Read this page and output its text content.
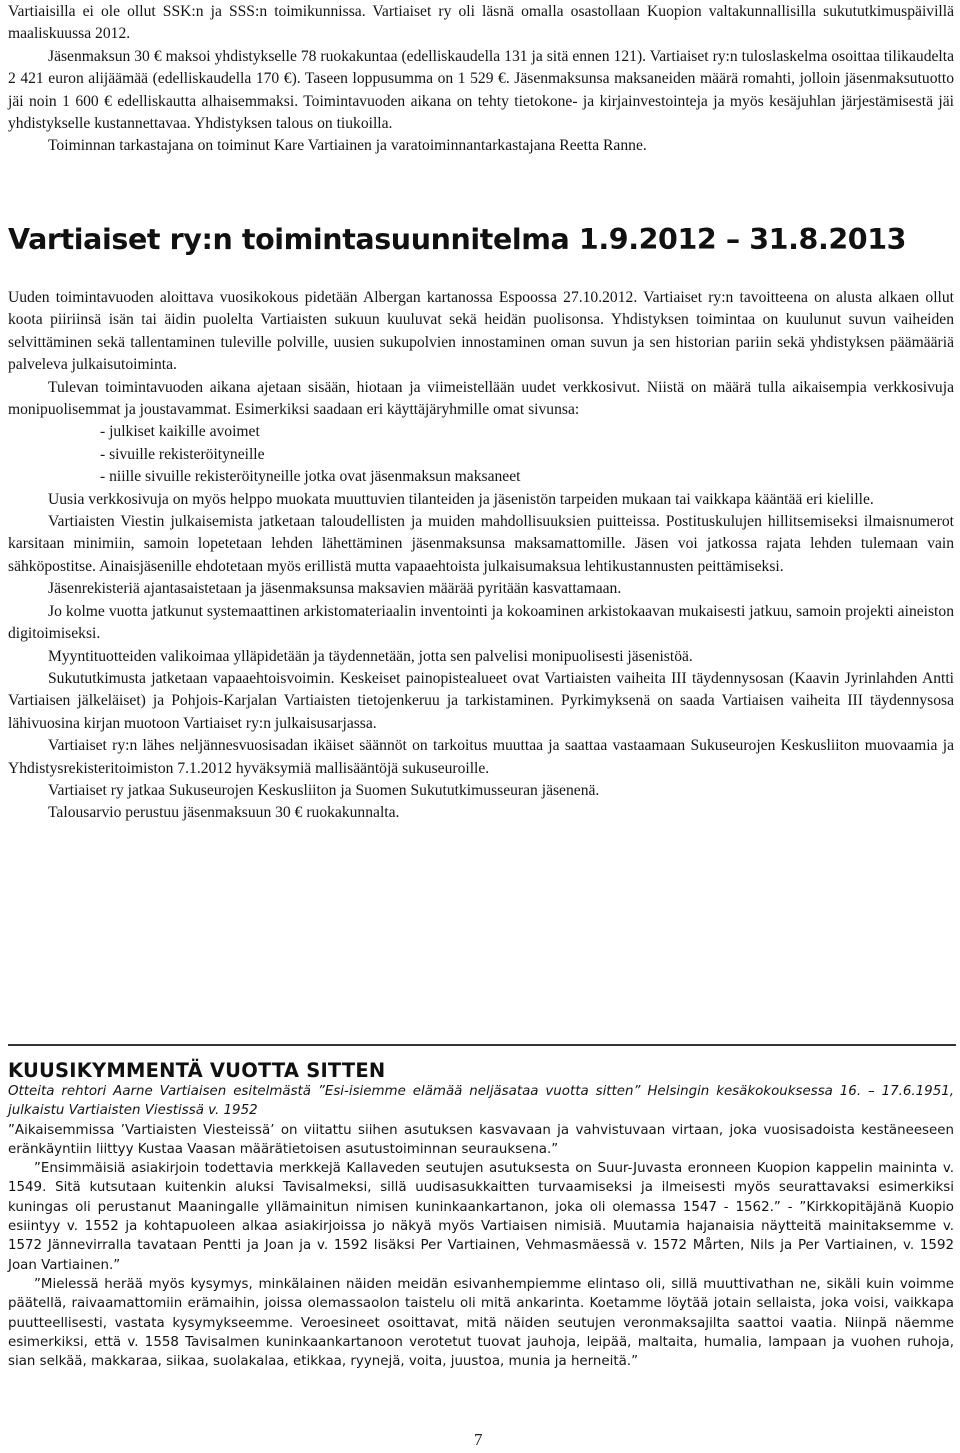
Vartiaisilla ei ole ollut SSK:n ja SSS:n toimikunnissa. Vartiaiset ry oli läsnä omalla osastollaan Kuopion valtakunnallisilla sukututkimuspäivillä maaliskuussa 2012.

Jäsenmaksun 30 € maksoi yhdistykselle 78 ruokakuntaa (edelliskaudella 131 ja sitä ennen 121). Vartiaiset ry:n tuloslaskelma osoittaa tilikaudelta 2 421 euron alijäämää (edelliskaudella 170 €). Taseen loppusumma on 1 529 €. Jäsenmaksunsa maksaneiden määrä romahti, jolloin jäsenmaksutuotto jäi noin 1 600 € edelliskautta alhaisemmaksi. Toimintavuoden aikana on tehty tietokone- ja kirjainvestointeja ja myös kesäjuhlan järjestämisestä jäi yhdistykselle kustannettavaa. Yhdistyksen talous on tiukoilla.

Toiminnan tarkastajana on toiminut Kare Vartiainen ja varatoiminnantarkastajana Reetta Ranne.

Vartiaiset ry:n toimintasuunnitelma 1.9.2012 – 31.8.2013

Uuden toimintavuoden aloittava vuosikokous pidetään Albergan kartanossa Espoossa 27.10.2012. Vartiaiset ry:n tavoitteena on alusta alkaen ollut koota piiriinsä isän tai äidin puolelta Vartiaisten sukuun kuuluvat sekä heidän puolisonsa. Yhdistyksen toimintaa on kuulunut suvun vaiheiden selvittäminen sekä tallentaminen tuleville polville, uusien sukupolvien innostaminen oman suvun ja sen historian pariin sekä yhdistyksen päämääriä palveleva julkaisutoiminta.

Tulevan toimintavuoden aikana ajetaan sisään, hiotaan ja viimeistellään uudet verkkosivut. Niistä on määrä tulla aikaisempia verkkosivuja monipuolisemmat ja joustavammat. Esimerkiksi saadaan eri käyttäjäryhmille omat sivunsa:

- julkiset kaikille avoimet

- sivuille rekisteröityneille

- niille sivuille rekisteröityneille jotka ovat jäsenmaksun maksaneet

Uusia verkkosivuja on myös helppo muokata muuttuvien tilanteiden ja jäsenistön tarpeiden mukaan tai vaikkapa kääntää eri kielille.

Vartiaisten Viestin julkaisemista jatketaan taloudellisten ja muiden mahdollisuuksien puitteissa. Postituskulujen hillitsemiseksi ilmaisnumerot karsitaan minimiin, samoin lopetetaan lehden lähettäminen jäsenmaksunsa maksamattomille. Jäsen voi jatkossa rajata lehden tulemaan vain sähköpostitse. Ainaisjäsenille ehdotetaan myös erillistä mutta vapaaehtoista julkaisumaksua lehtikustannusten peittämiseksi.

Jäsenrekisteriä ajantasaistetaan ja jäsenmaksunsa maksavien määrää pyritään kasvattamaan.

Jo kolme vuotta jatkunut systemaattinen arkistomateriaalin inventointi ja kokoaminen arkistokaavan mukaisesti jatkuu, samoin projekti aineiston digitoimiseksi.

Myyntituotteiden valikoimaa ylläpidetään ja täydennetään, jotta sen palvelisi monipuolisesti jäsenistöä.

Sukututkimusta jatketaan vapaaehtoisvoimin. Keskeiset painopistealueet ovat Vartiaisten vaiheita III täydennysosan (Kaavin Jyrinlahden Antti Vartiaisen jälkeläiset) ja Pohjois-Karjalan Vartiaisten tietojenkeruu ja tarkistaminen. Pyrkimyksenä on saada Vartiaisen vaiheita III täydennysosa lähivuosina kirjan muotoon Vartiaiset ry:n julkaisusarjassa.

Vartiaiset ry:n lähes neljännesvuosisadan ikäiset säännöt on tarkoitus muuttaa ja saattaa vastaamaan Sukuseurojen Keskusliiton muovaamia ja Yhdistysrekisteritoimiston 7.1.2012 hyväksymiä mallisääntöjä sukuseuroille.

Vartiaiset ry jatkaa Sukuseurojen Keskusliiton ja Suomen Sukututkimusseuran jäsenenä.

Talousarvio perustuu jäsenmaksuun 30 € ruokakunnalta.

KUUSIKYMMENTÄ VUOTTA SITTEN

Otteita rehtori Aarne Vartiaisen esitelmästä ”Esi-isiemme elämää neljäsataa vuotta sitten” Helsingin kesäkokouksessa 16. – 17.6.1951, julkaistu Vartiaisten Viestissä v. 1952

”Aikaisemmissa ’Vartiaisten Viesteissä’ on viitattu siihen asutuksen kasvavaan ja vahvistuvaan virtaan, joka vuosisadoista kestäneeseen eränkäyntiin liittyy Kustaa Vaasan määrätietoisen asutustoiminnan seurauksena.”

”Ensimmäisiä asiakirjoin todettavia merkkejä Kallaveden seutujen asutuksesta on Suur-Juvasta eronneen Kuopion kappelin maininta v. 1549. Sitä kutsutaan kuitenkin aluksi Tavisalmeksi, sillä uudisasukkaitten turvaamiseksi ja ilmeisesti myös seurattavaksi esimerkiksi kuningas oli perustanut Maaningalle yllämainitun nimisen kuninkaankartanon, joka oli olemassa 1547 - 1562.” - ”Kirkkopitäjänä Kuopio esiintyy v. 1552 ja kohtapuoleen alkaa asiakirjoissa jo näkyä myös Vartiaisen nimisiä. Muutamia hajanaisia näytteitä mainitaksemme v. 1572 Jännevirralla tavataan Pentti ja Joan ja v. 1592 lisäksi Per Vartiainen, Vehmasmäessä v. 1572 Mårten, Nils ja Per Vartiainen, v. 1592 Joan Vartiainen.”

”Mielessä herää myös kysymys, minkälainen näiden meidän esivanhempiemme elintaso oli, sillä muuttivathan ne, sikäli kuin voimme päätellä, raivaamattomiin erämaihin, joissa olemassaolon taistelu oli mitä ankarinta. Koetamme löytää jotain sellaista, joka voisi, vaikkapa puutteellisesti, vastata kysymykseemme. Veroesineet osoittavat, mitä näiden seutujen veronmaksajilta saattoi vaatia. Niinpä näemme esimerkiksi, että v. 1558 Tavisalmen kuninkaankartanoon verotetut tuovat jauhoja, leipää, maltaita, humalia, lampaan ja vuohen ruhoja, sian selkää, makkaraa, siikaa, suolakalaa, etikkaa, ryynejä, voita, juustoa, munia ja herneitä.”

7
